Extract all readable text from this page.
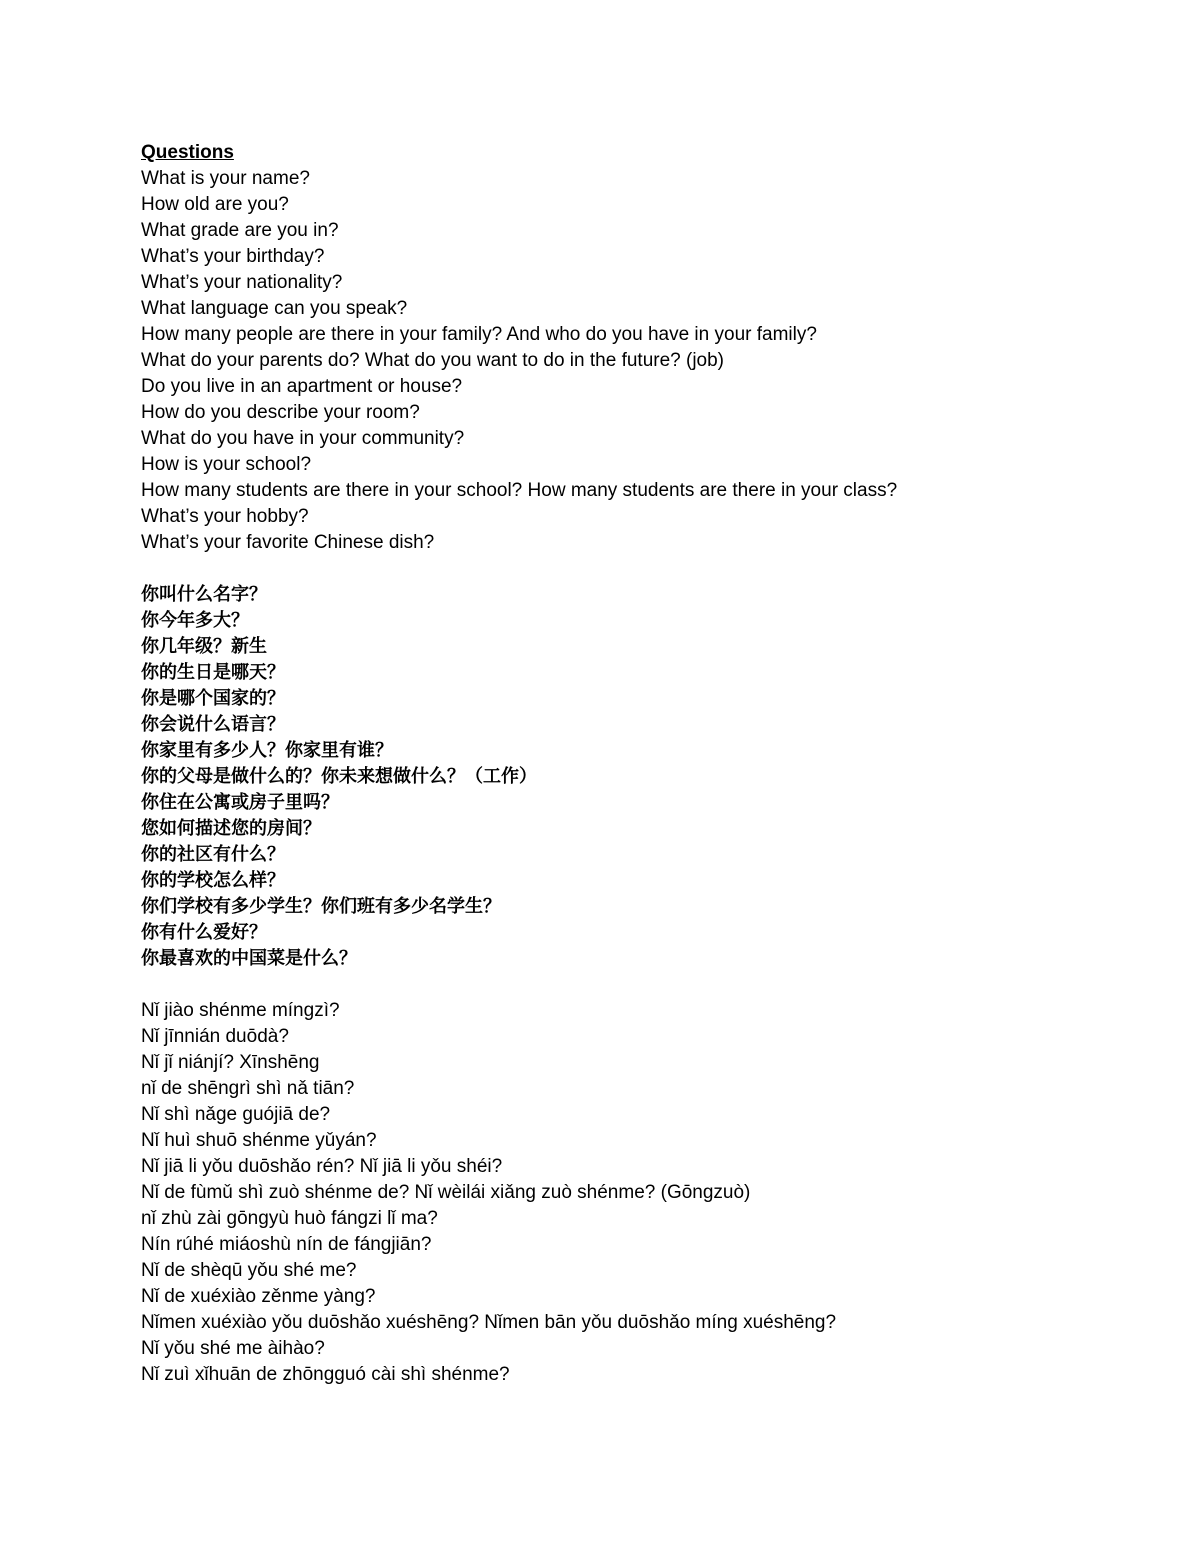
Questions
What is your name?
How old are you?
What grade are you in?
What’s your birthday?
What’s your nationality?
What language can you speak?
How many people are there in your family? And who do you have in your family?
What do your parents do? What do you want to do in the future? (job)
Do you live in an apartment or house?
How do you describe your room?
What do you have in your community?
How is your school?
How many students are there in your school? How many students are there in your class?
What’s your hobby?
What’s your favorite Chinese dish?
你叫什么名字？
你今年多大？
你几年级？新生
你的生日是哪天？
你是哪个国家的？
你会说什么语言？
你家里有多少人？你家里有谁？
你的父母是做什么的？你未来想做什么？（工作）
你住在公寓或房子里吗？
您如何描述您的房间？
你的社区有什么？
你的学校怎么样？
你们学校有多少学生？你们班有多少名学生？
你有什么爱好？
你最喜欢的中国菜是什么？
Nǐ jiào shénme míngzì?
Nǐ jīnnián duōdà?
Nǐ jǐ niánjí? Xīnshēng
nǐ de shēngrì shì nǎ tiān?
Nǐ shì nǎge guójiā de?
Nǐ huì shuō shénme yǔyán?
Nǐ jiā li yǒu duōshǎo rén? Nǐ jiā li yǒu shéi?
Nǐ de fùmǔ shì zuò shénme de? Nǐ wèilái xiǎng zuò shénme? (Gōngzuò)
nǐ zhù zài gōngyù huò fángzi lǐ ma?
Nín rúhé miáoshù nín de fángjiān?
Nǐ de shèqū yǒu shé me?
Nǐ de xuéxiào zěnme yàng?
Nǐmen xuéxiào yǒu duōshǎo xuéshēng? Nǐmen bān yǒu duōshǎo míng xuéshēng?
Nǐ yǒu shé me àihào?
Nǐ zuì xǐhuān de zhōngguó cài shì shénme?
